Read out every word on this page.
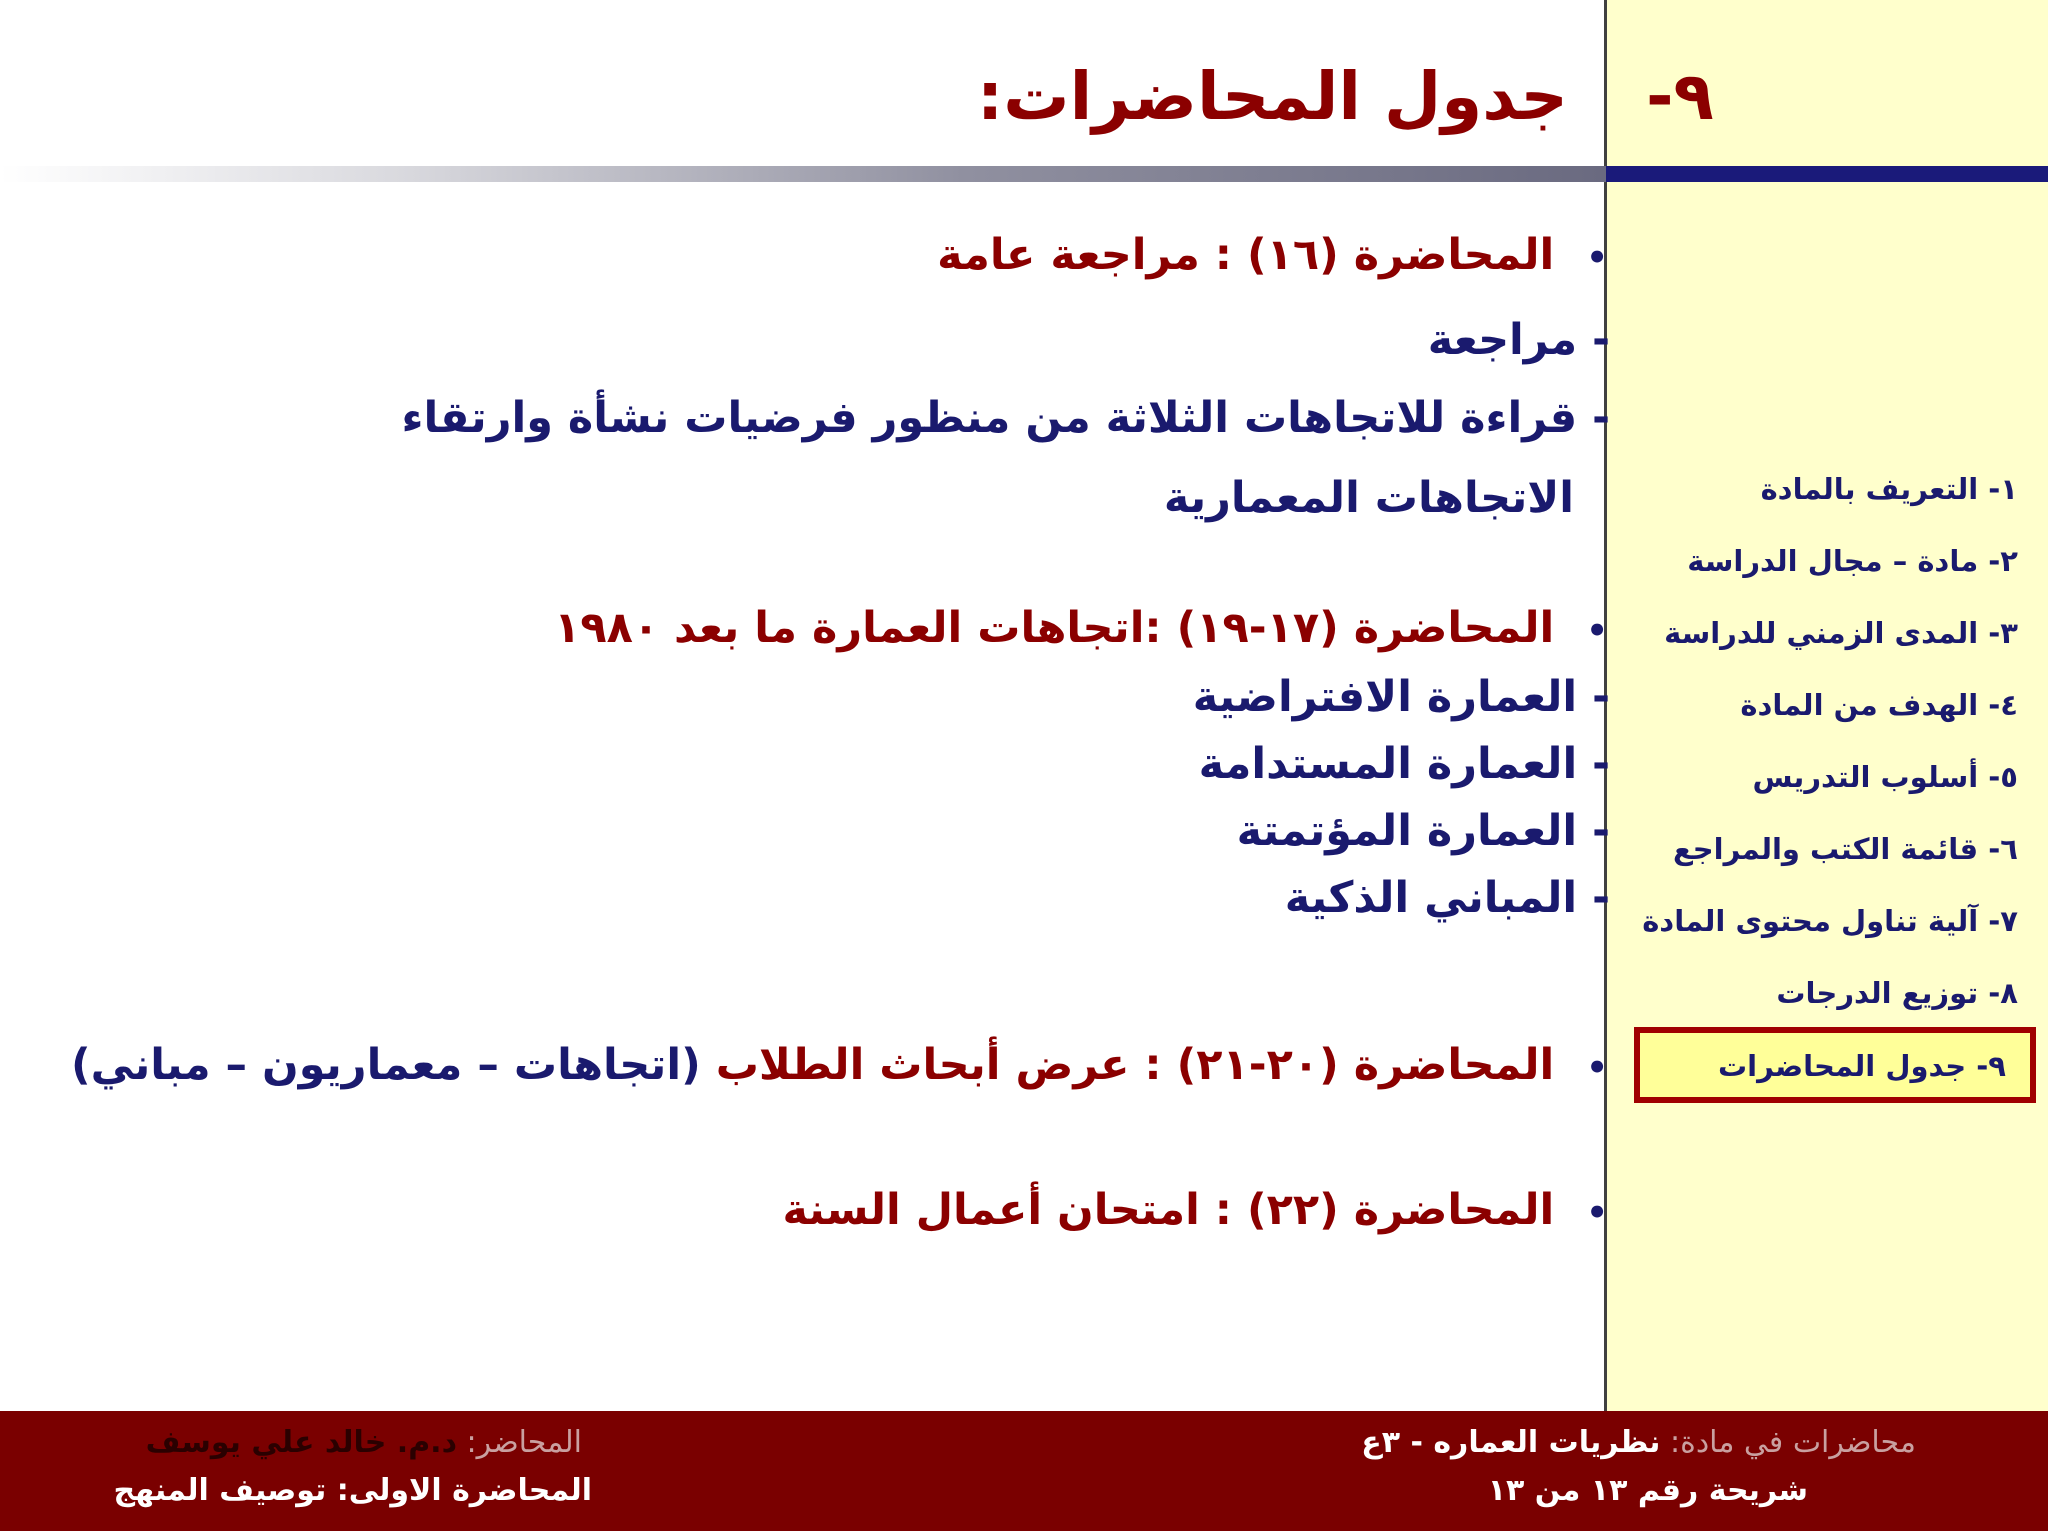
-٩
جدول المحاضرات:
•المحاضرة (١٦) : مراجعة عامة
- مراجعة
- قراءة للاتجاهات الثلاثة من منظور فرضيات نشأة وارتقاء
الاتجاهات المعمارية
•المحاضرة (١٧-١٩) :اتجاهات العمارة ما بعد ١٩٨٠
- العمارة الافتراضية
- العمارة المستدامة
- العمارة المؤتمتة
- المباني الذكية
•المحاضرة (٢٠-٢١) : عرض أبحاث الطلاب (اتجاهات – معماريون – مباني)
•المحاضرة (٢٢) : امتحان أعمال السنة
١- التعريف بالمادة
٢- مادة – مجال الدراسة
٣- المدى الزمني للدراسة
٤- الهدف من المادة
٥- أسلوب التدريس
٦- قائمة الكتب والمراجع
٧- آلية تناول محتوى المادة
٨- توزيع الدرجات
٩- جدول المحاضرات
محاضرات في مادة: نظريات العماره - ٣ع
شريحة رقم ١٣ من ١٣
المحاضر: د.م. خالد علي يوسف
المحاضرة الاولى: توصيف المنهج
